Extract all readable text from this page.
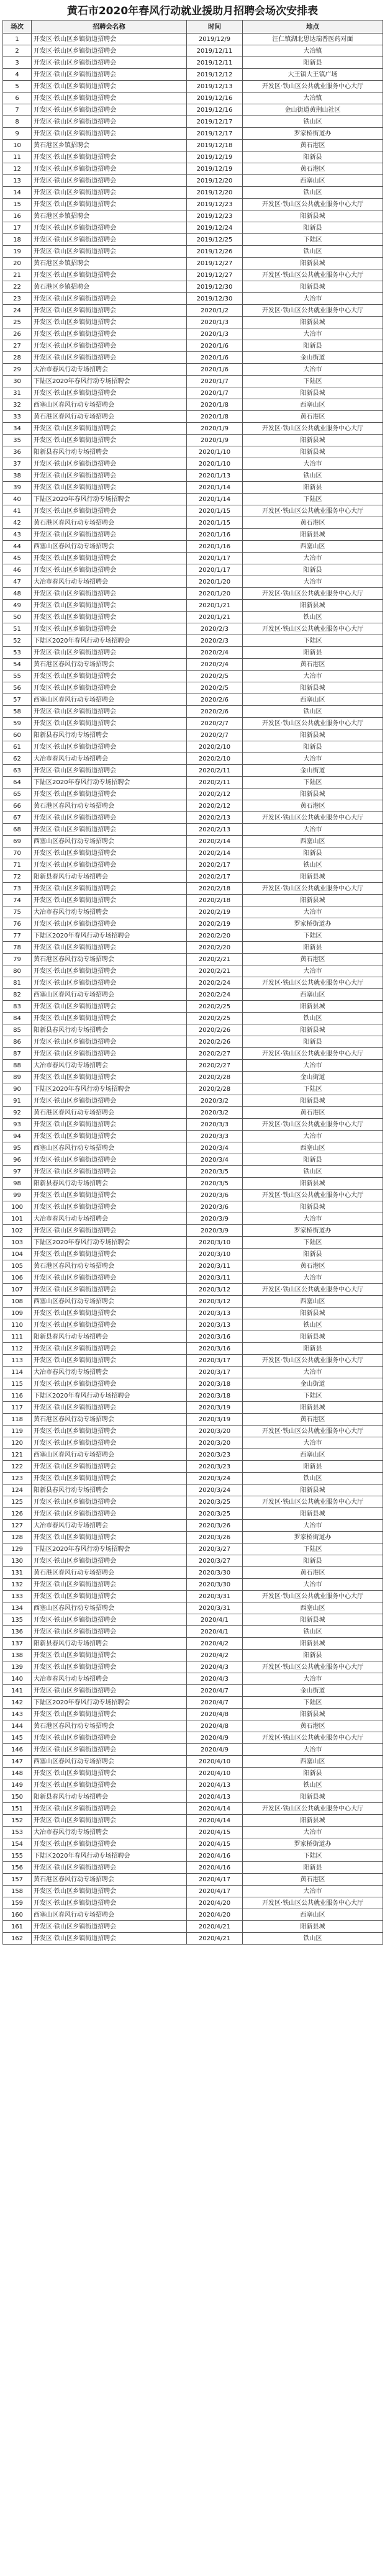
黄石市2020年春风行动就业援助月招聘会场次安排表
场次	招聘会名称	时间	地点
1	开发区·铁山区乡镇街道招聘会	2019/12/9	汪仁镇湖北思达瑞普医药对面
2	开发区·铁山区乡镇街道招聘会	2019/12/11	大冶镇
3	开发区·铁山区乡镇街道招聘会	2019/12/11	阳新县
4	开发区·铁山区乡镇街道招聘会	2019/12/12	大王镇大王镇广场
5	开发区·铁山区乡镇街道招聘会	2019/12/13	开发区·铁山区公共就业服务中心大厅
6	开发区·铁山区乡镇街道招聘会	2019/12/16	大冶镇
7	开发区·铁山区乡镇街道招聘会	2019/12/16	金山街道黄荆山社区
8	开发区·铁山区乡镇街道招聘会	2019/12/17	铁山区
9	开发区·铁山区乡镇街道招聘会	2019/12/17	罗家桥街道办
10	黄石港区乡镇招聘会	2019/12/18	黄石港区
11	开发区·铁山区乡镇街道招聘会	2019/12/19	阳新县
12	开发区·铁山区乡镇街道招聘会	2019/12/19	黄石港区
13	开发区·铁山区乡镇街道招聘会	2019/12/20	西塞山区
14	开发区·铁山区乡镇街道招聘会	2019/12/20	铁山区
15	开发区·铁山区乡镇街道招聘会	2019/12/23	开发区·铁山区公共就业服务中心大厅
16	黄石港区乡镇招聘会	2019/12/23	阳新县城
17	开发区·铁山区乡镇街道招聘会	2019/12/24	阳新县
18	开发区·铁山区乡镇街道招聘会	2019/12/25	下陆区
19	开发区·铁山区乡镇街道招聘会	2019/12/26	铁山区
20	黄石港区乡镇招聘会	2019/12/27	阳新县城
21	开发区·铁山区乡镇街道招聘会	2019/12/27	开发区·铁山区公共就业服务中心大厅
22	黄石港区乡镇招聘会	2019/12/30	阳新县城
23	开发区·铁山区乡镇街道招聘会	2019/12/30	大冶市
24	开发区·铁山区乡镇街道招聘会	2020/1/2	开发区·铁山区公共就业服务中心大厅
25	开发区·铁山区乡镇街道招聘会	2020/1/3	阳新县城
26	开发区·铁山区乡镇街道招聘会	2020/1/3	大冶市
27	开发区·铁山区乡镇街道招聘会	2020/1/6	阳新县
28	开发区·铁山区乡镇街道招聘会	2020/1/6	金山街道
29	大冶市春风行动专场招聘会	2020/1/6	大冶市
30	下陆区2020年春风行动专场招聘会	2020/1/7	下陆区
31	开发区·铁山区乡镇街道招聘会	2020/1/7	阳新县城
32	西塞山区春风行动专场招聘会	2020/1/8	西塞山区
33	黄石港区春风行动专场招聘会	2020/1/8	黄石港区
34	开发区·铁山区乡镇街道招聘会	2020/1/9	开发区·铁山区公共就业服务中心大厅
35	开发区·铁山区乡镇街道招聘会	2020/1/9	阳新县城
36	阳新县春风行动专场招聘会	2020/1/10	阳新县城
37	开发区·铁山区乡镇街道招聘会	2020/1/10	大冶市
38	开发区·铁山区乡镇街道招聘会	2020/1/13	铁山区
39	开发区·铁山区乡镇街道招聘会	2020/1/14	阳新县
40	下陆区2020年春风行动专场招聘会	2020/1/14	下陆区
41	开发区·铁山区乡镇街道招聘会	2020/1/15	开发区·铁山区公共就业服务中心大厅
42	黄石港区春风行动专场招聘会	2020/1/15	黄石港区
43	开发区·铁山区乡镇街道招聘会	2020/1/16	阳新县城
44	西塞山区春风行动专场招聘会	2020/1/16	西塞山区
45	开发区·铁山区乡镇街道招聘会	2020/1/17	大冶市
46	开发区·铁山区乡镇街道招聘会	2020/1/17	阳新县
47	大冶市春风行动专场招聘会	2020/1/20	大冶市
48	开发区·铁山区乡镇街道招聘会	2020/1/20	开发区·铁山区公共就业服务中心大厅
49	开发区·铁山区乡镇街道招聘会	2020/1/21	阳新县城
50	开发区·铁山区乡镇街道招聘会	2020/1/21	铁山区
51	开发区·铁山区乡镇街道招聘会	2020/2/3	开发区·铁山区公共就业服务中心大厅
52	下陆区2020年春风行动专场招聘会	2020/2/3	下陆区
53	开发区·铁山区乡镇街道招聘会	2020/2/4	阳新县
54	黄石港区春风行动专场招聘会	2020/2/4	黄石港区
55	开发区·铁山区乡镇街道招聘会	2020/2/5	大冶市
56	开发区·铁山区乡镇街道招聘会	2020/2/5	阳新县城
57	西塞山区春风行动专场招聘会	2020/2/6	西塞山区
58	开发区·铁山区乡镇街道招聘会	2020/2/6	铁山区
59	开发区·铁山区乡镇街道招聘会	2020/2/7	开发区·铁山区公共就业服务中心大厅
60	阳新县春风行动专场招聘会	2020/2/7	阳新县城
61	开发区·铁山区乡镇街道招聘会	2020/2/10	阳新县
62	大冶市春风行动专场招聘会	2020/2/10	大冶市
63	开发区·铁山区乡镇街道招聘会	2020/2/11	金山街道
64	下陆区2020年春风行动专场招聘会	2020/2/11	下陆区
65	开发区·铁山区乡镇街道招聘会	2020/2/12	阳新县城
66	黄石港区春风行动专场招聘会	2020/2/12	黄石港区
67	开发区·铁山区乡镇街道招聘会	2020/2/13	开发区·铁山区公共就业服务中心大厅
68	开发区·铁山区乡镇街道招聘会	2020/2/13	大冶市
69	西塞山区春风行动专场招聘会	2020/2/14	西塞山区
70	开发区·铁山区乡镇街道招聘会	2020/2/14	阳新县
71	开发区·铁山区乡镇街道招聘会	2020/2/17	铁山区
72	阳新县春风行动专场招聘会	2020/2/17	阳新县城
73	开发区·铁山区乡镇街道招聘会	2020/2/18	开发区·铁山区公共就业服务中心大厅
74	开发区·铁山区乡镇街道招聘会	2020/2/18	阳新县城
75	大冶市春风行动专场招聘会	2020/2/19	大冶市
76	开发区·铁山区乡镇街道招聘会	2020/2/19	罗家桥街道办
77	下陆区2020年春风行动专场招聘会	2020/2/20	下陆区
78	开发区·铁山区乡镇街道招聘会	2020/2/20	阳新县
79	黄石港区春风行动专场招聘会	2020/2/21	黄石港区
80	开发区·铁山区乡镇街道招聘会	2020/2/21	大冶市
81	开发区·铁山区乡镇街道招聘会	2020/2/24	开发区·铁山区公共就业服务中心大厅
82	西塞山区春风行动专场招聘会	2020/2/24	西塞山区
83	开发区·铁山区乡镇街道招聘会	2020/2/25	阳新县城
84	开发区·铁山区乡镇街道招聘会	2020/2/25	铁山区
85	阳新县春风行动专场招聘会	2020/2/26	阳新县城
86	开发区·铁山区乡镇街道招聘会	2020/2/26	阳新县
87	开发区·铁山区乡镇街道招聘会	2020/2/27	开发区·铁山区公共就业服务中心大厅
88	大冶市春风行动专场招聘会	2020/2/27	大冶市
89	开发区·铁山区乡镇街道招聘会	2020/2/28	金山街道
90	下陆区2020年春风行动专场招聘会	2020/2/28	下陆区
91	开发区·铁山区乡镇街道招聘会	2020/3/2	阳新县城
92	黄石港区春风行动专场招聘会	2020/3/2	黄石港区
93	开发区·铁山区乡镇街道招聘会	2020/3/3	开发区·铁山区公共就业服务中心大厅
94	开发区·铁山区乡镇街道招聘会	2020/3/3	大冶市
95	西塞山区春风行动专场招聘会	2020/3/4	西塞山区
96	开发区·铁山区乡镇街道招聘会	2020/3/4	阳新县
97	开发区·铁山区乡镇街道招聘会	2020/3/5	铁山区
98	阳新县春风行动专场招聘会	2020/3/5	阳新县城
99	开发区·铁山区乡镇街道招聘会	2020/3/6	开发区·铁山区公共就业服务中心大厅
100	开发区·铁山区乡镇街道招聘会	2020/3/6	阳新县城
101	大冶市春风行动专场招聘会	2020/3/9	大冶市
102	开发区·铁山区乡镇街道招聘会	2020/3/9	罗家桥街道办
103	下陆区2020年春风行动专场招聘会	2020/3/10	下陆区
104	开发区·铁山区乡镇街道招聘会	2020/3/10	阳新县
105	黄石港区春风行动专场招聘会	2020/3/11	黄石港区
106	开发区·铁山区乡镇街道招聘会	2020/3/11	大冶市
107	开发区·铁山区乡镇街道招聘会	2020/3/12	开发区·铁山区公共就业服务中心大厅
108	西塞山区春风行动专场招聘会	2020/3/12	西塞山区
109	开发区·铁山区乡镇街道招聘会	2020/3/13	阳新县城
110	开发区·铁山区乡镇街道招聘会	2020/3/13	铁山区
111	阳新县春风行动专场招聘会	2020/3/16	阳新县城
112	开发区·铁山区乡镇街道招聘会	2020/3/16	阳新县
113	开发区·铁山区乡镇街道招聘会	2020/3/17	开发区·铁山区公共就业服务中心大厅
114	大冶市春风行动专场招聘会	2020/3/17	大冶市
115	开发区·铁山区乡镇街道招聘会	2020/3/18	金山街道
116	下陆区2020年春风行动专场招聘会	2020/3/18	下陆区
117	开发区·铁山区乡镇街道招聘会	2020/3/19	阳新县城
118	黄石港区春风行动专场招聘会	2020/3/19	黄石港区
119	开发区·铁山区乡镇街道招聘会	2020/3/20	开发区·铁山区公共就业服务中心大厅
120	开发区·铁山区乡镇街道招聘会	2020/3/20	大冶市
121	西塞山区春风行动专场招聘会	2020/3/23	西塞山区
122	开发区·铁山区乡镇街道招聘会	2020/3/23	阳新县
123	开发区·铁山区乡镇街道招聘会	2020/3/24	铁山区
124	阳新县春风行动专场招聘会	2020/3/24	阳新县城
125	开发区·铁山区乡镇街道招聘会	2020/3/25	开发区·铁山区公共就业服务中心大厅
126	开发区·铁山区乡镇街道招聘会	2020/3/25	阳新县城
127	大冶市春风行动专场招聘会	2020/3/26	大冶市
128	开发区·铁山区乡镇街道招聘会	2020/3/26	罗家桥街道办
129	下陆区2020年春风行动专场招聘会	2020/3/27	下陆区
130	开发区·铁山区乡镇街道招聘会	2020/3/27	阳新县
131	黄石港区春风行动专场招聘会	2020/3/30	黄石港区
132	开发区·铁山区乡镇街道招聘会	2020/3/30	大冶市
133	开发区·铁山区乡镇街道招聘会	2020/3/31	开发区·铁山区公共就业服务中心大厅
134	西塞山区春风行动专场招聘会	2020/3/31	西塞山区
135	开发区·铁山区乡镇街道招聘会	2020/4/1	阳新县城
136	开发区·铁山区乡镇街道招聘会	2020/4/1	铁山区
137	阳新县春风行动专场招聘会	2020/4/2	阳新县城
138	开发区·铁山区乡镇街道招聘会	2020/4/2	阳新县
139	开发区·铁山区乡镇街道招聘会	2020/4/3	开发区·铁山区公共就业服务中心大厅
140	大冶市春风行动专场招聘会	2020/4/3	大冶市
141	开发区·铁山区乡镇街道招聘会	2020/4/7	金山街道
142	下陆区2020年春风行动专场招聘会	2020/4/7	下陆区
143	开发区·铁山区乡镇街道招聘会	2020/4/8	阳新县城
144	黄石港区春风行动专场招聘会	2020/4/8	黄石港区
145	开发区·铁山区乡镇街道招聘会	2020/4/9	开发区·铁山区公共就业服务中心大厅
146	开发区·铁山区乡镇街道招聘会	2020/4/9	大冶市
147	西塞山区春风行动专场招聘会	2020/4/10	西塞山区
148	开发区·铁山区乡镇街道招聘会	2020/4/10	阳新县
149	开发区·铁山区乡镇街道招聘会	2020/4/13	铁山区
150	阳新县春风行动专场招聘会	2020/4/13	阳新县城
151	开发区·铁山区乡镇街道招聘会	2020/4/14	开发区·铁山区公共就业服务中心大厅
152	开发区·铁山区乡镇街道招聘会	2020/4/14	阳新县城
153	大冶市春风行动专场招聘会	2020/4/15	大冶市
154	开发区·铁山区乡镇街道招聘会	2020/4/15	罗家桥街道办
155	下陆区2020年春风行动专场招聘会	2020/4/16	下陆区
156	开发区·铁山区乡镇街道招聘会	2020/4/16	阳新县
157	黄石港区春风行动专场招聘会	2020/4/17	黄石港区
158	开发区·铁山区乡镇街道招聘会	2020/4/17	大冶市
159	开发区·铁山区乡镇街道招聘会	2020/4/20	开发区·铁山区公共就业服务中心大厅
160	西塞山区春风行动专场招聘会	2020/4/20	西塞山区
161	开发区·铁山区乡镇街道招聘会	2020/4/21	阳新县城
162	开发区·铁山区乡镇街道招聘会	2020/4/21	铁山区
